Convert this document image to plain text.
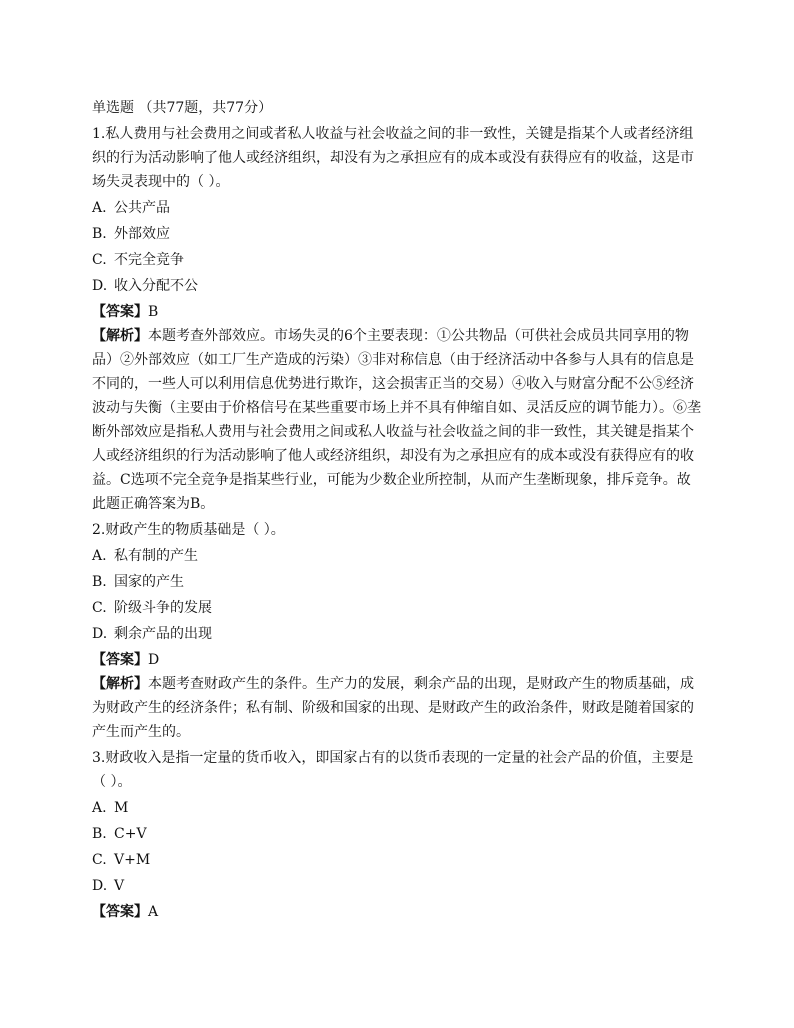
单选题 （共77题，共77分）

1.私人费用与社会费用之间或者私人收益与社会收益之间的非一致性，关键是指某个人或者经济组织的行为活动影响了他人或经济组织，却没有为之承担应有的成本或没有获得应有的收益，这是市场失灵表现中的（ ）。

A. 公共产品
B. 外部效应
C. 不完全竞争
D. 收入分配不公
【答案】B

【解析】本题考查外部效应。市场失灵的6个主要表现：①公共物品（可供社会成员共同享用的物品）②外部效应（如工厂生产造成的污染）③非对称信息（由于经济活动中各参与人具有的信息是不同的，一些人可以利用信息优势进行欺诈，这会损害正当的交易）④收入与财富分配不公⑤经济波动与失衡（主要由于价格信号在某些重要市场上并不具有伸缩自如、灵活反应的调节能力）。⑥垄断外部效应是指私人费用与社会费用之间或私人收益与社会收益之间的非一致性，其关键是指某个人或经济组织的行为活动影响了他人或经济组织，却没有为之承担应有的成本或没有获得应有的收益。C选项不完全竞争是指某些行业，可能为少数企业所控制，从而产生垄断现象，排斥竞争。故此题正确答案为B。

2.财政产生的物质基础是（ ）。

A. 私有制的产生
B. 国家的产生
C. 阶级斗争的发展
D. 剩余产品的出现
【答案】D

【解析】本题考查财政产生的条件。生产力的发展，剩余产品的出现，是财政产生的物质基础，成为财政产生的经济条件；私有制、阶级和国家的出现、是财政产生的政治条件，财政是随着国家的产生而产生的。

3.财政收入是指一定量的货币收入，即国家占有的以货币表现的一定量的社会产品的价值，主要是（ ）。

A. M
B. C+V
C. V+M
D. V
【答案】A
